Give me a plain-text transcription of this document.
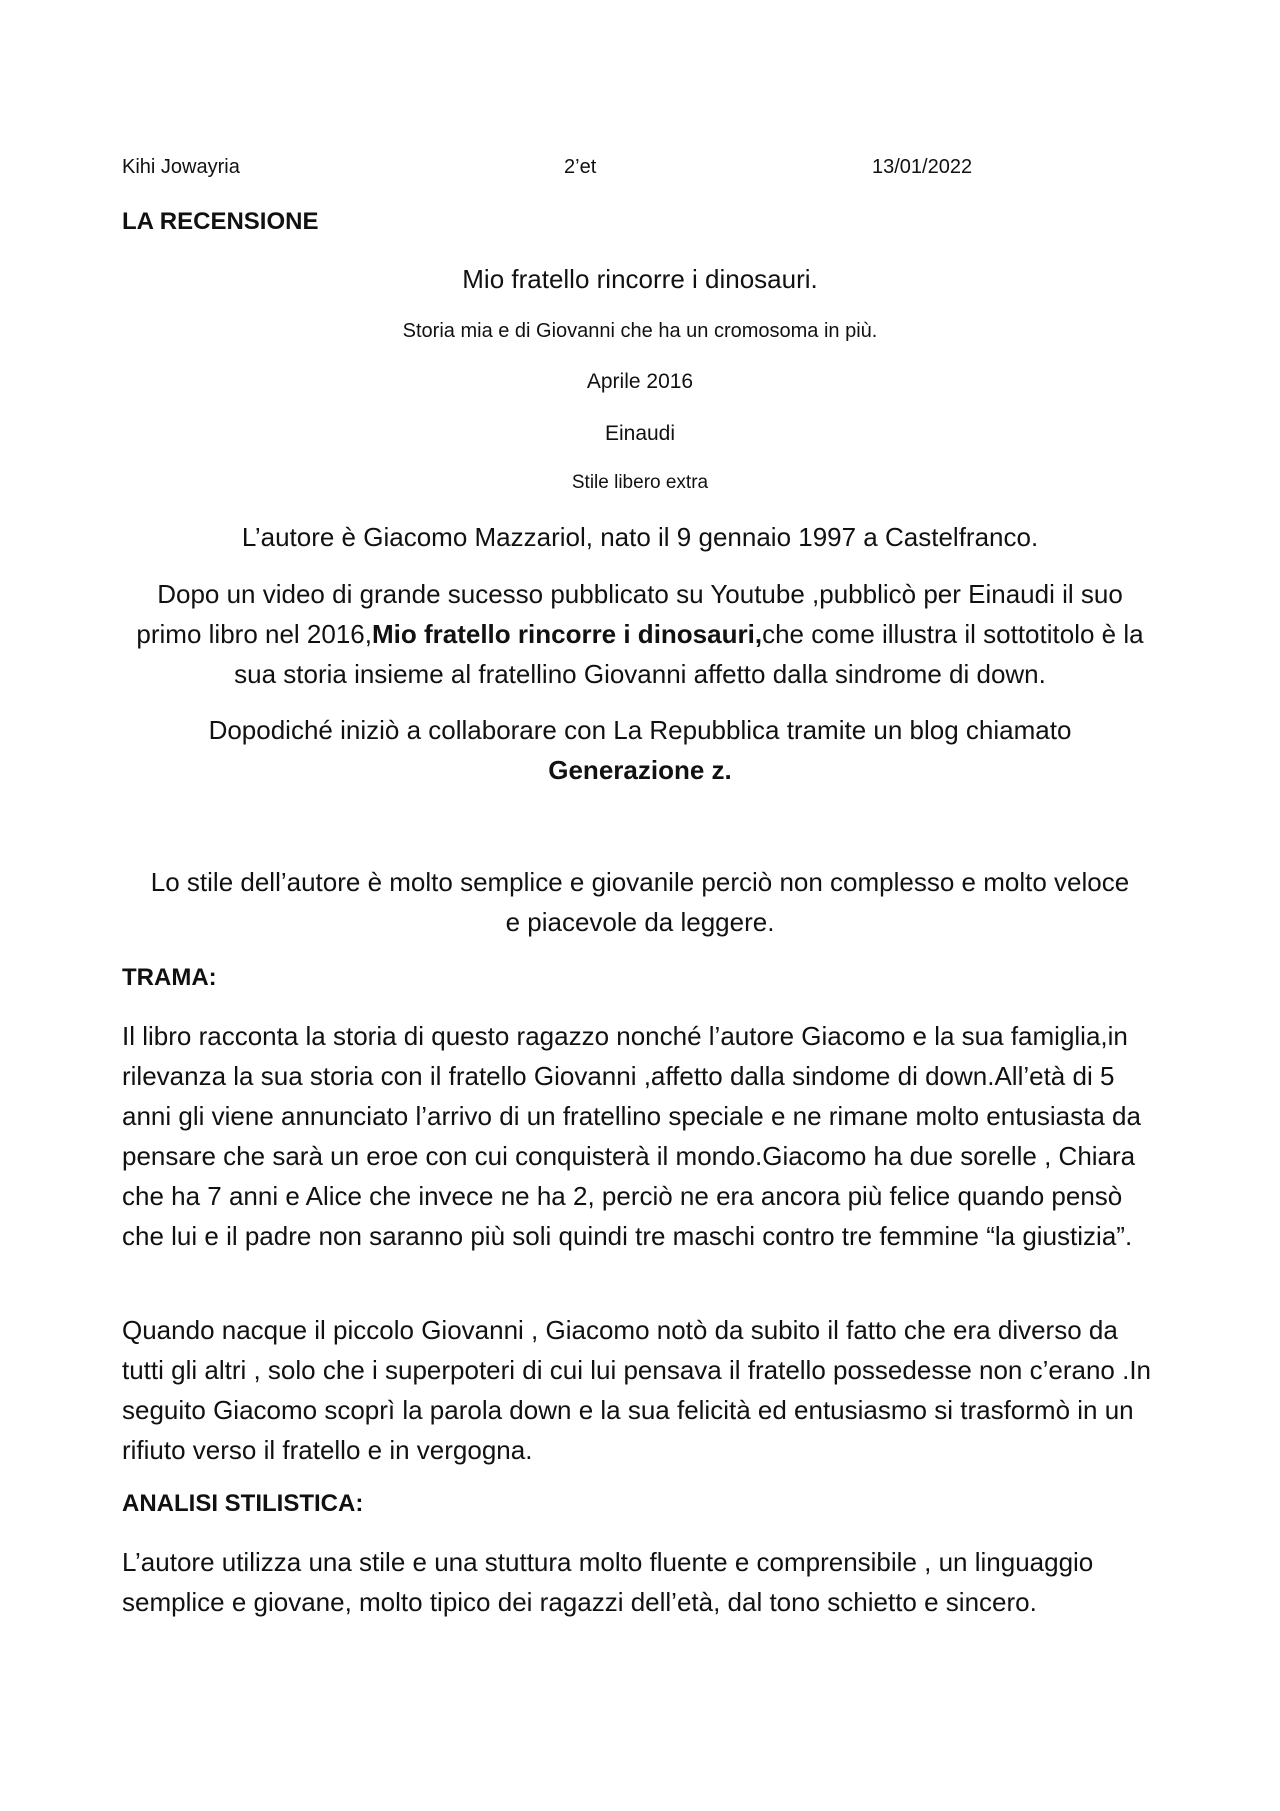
Kihi Jowayria	2’et	13/01/2022
LA RECENSIONE
Mio fratello rincorre i dinosauri.
Storia mia e di Giovanni che ha un cromosoma in più.
Aprile 2016
Einaudi
Stile libero extra
L’autore è Giacomo Mazzariol, nato il 9 gennaio 1997 a Castelfranco.
Dopo un video di grande sucesso pubblicato su Youtube ,pubblicò per Einaudi il suo primo libro nel 2016,Mio fratello rincorre i dinosauri,che come illustra il sottotitolo è la sua storia insieme al fratellino Giovanni affetto dalla sindrome di down.
Dopodiché iniziò a collaborare con La Repubblica tramite un blog chiamato
Generazione z.
Lo stile dell’autore è molto semplice e giovanile perciò non complesso e molto veloce e piacevole da leggere.
TRAMA:
Il libro racconta la storia di questo ragazzo nonché l’autore Giacomo e la sua famiglia,in rilevanza la sua storia con il fratello Giovanni ,affetto dalla sindome di down.All’età di 5 anni gli viene annunciato l’arrivo di un fratellino speciale e ne rimane molto entusiasta da pensare che sarà un eroe con cui conquisterà il mondo.Giacomo ha due sorelle , Chiara che ha 7 anni e Alice che invece ne ha 2, perciò ne era ancora più felice quando pensò che lui e il padre non saranno più soli quindi tre maschi contro tre femmine “la giustizia”.
Quando nacque il piccolo Giovanni , Giacomo notò da subito il fatto che era diverso da tutti gli altri , solo che i superpoteri di cui lui pensava il fratello possedesse non c’erano .In seguito Giacomo scoprì la parola down e la sua felicità ed entusiasmo si trasformò in un rifiuto verso il fratello e in vergogna.
ANALISI STILISTICA:
L’autore utilizza una stile e una stuttura molto fluente e comprensibile , un linguaggio semplice e giovane, molto tipico dei ragazzi dell’età, dal tono schietto e sincero.
